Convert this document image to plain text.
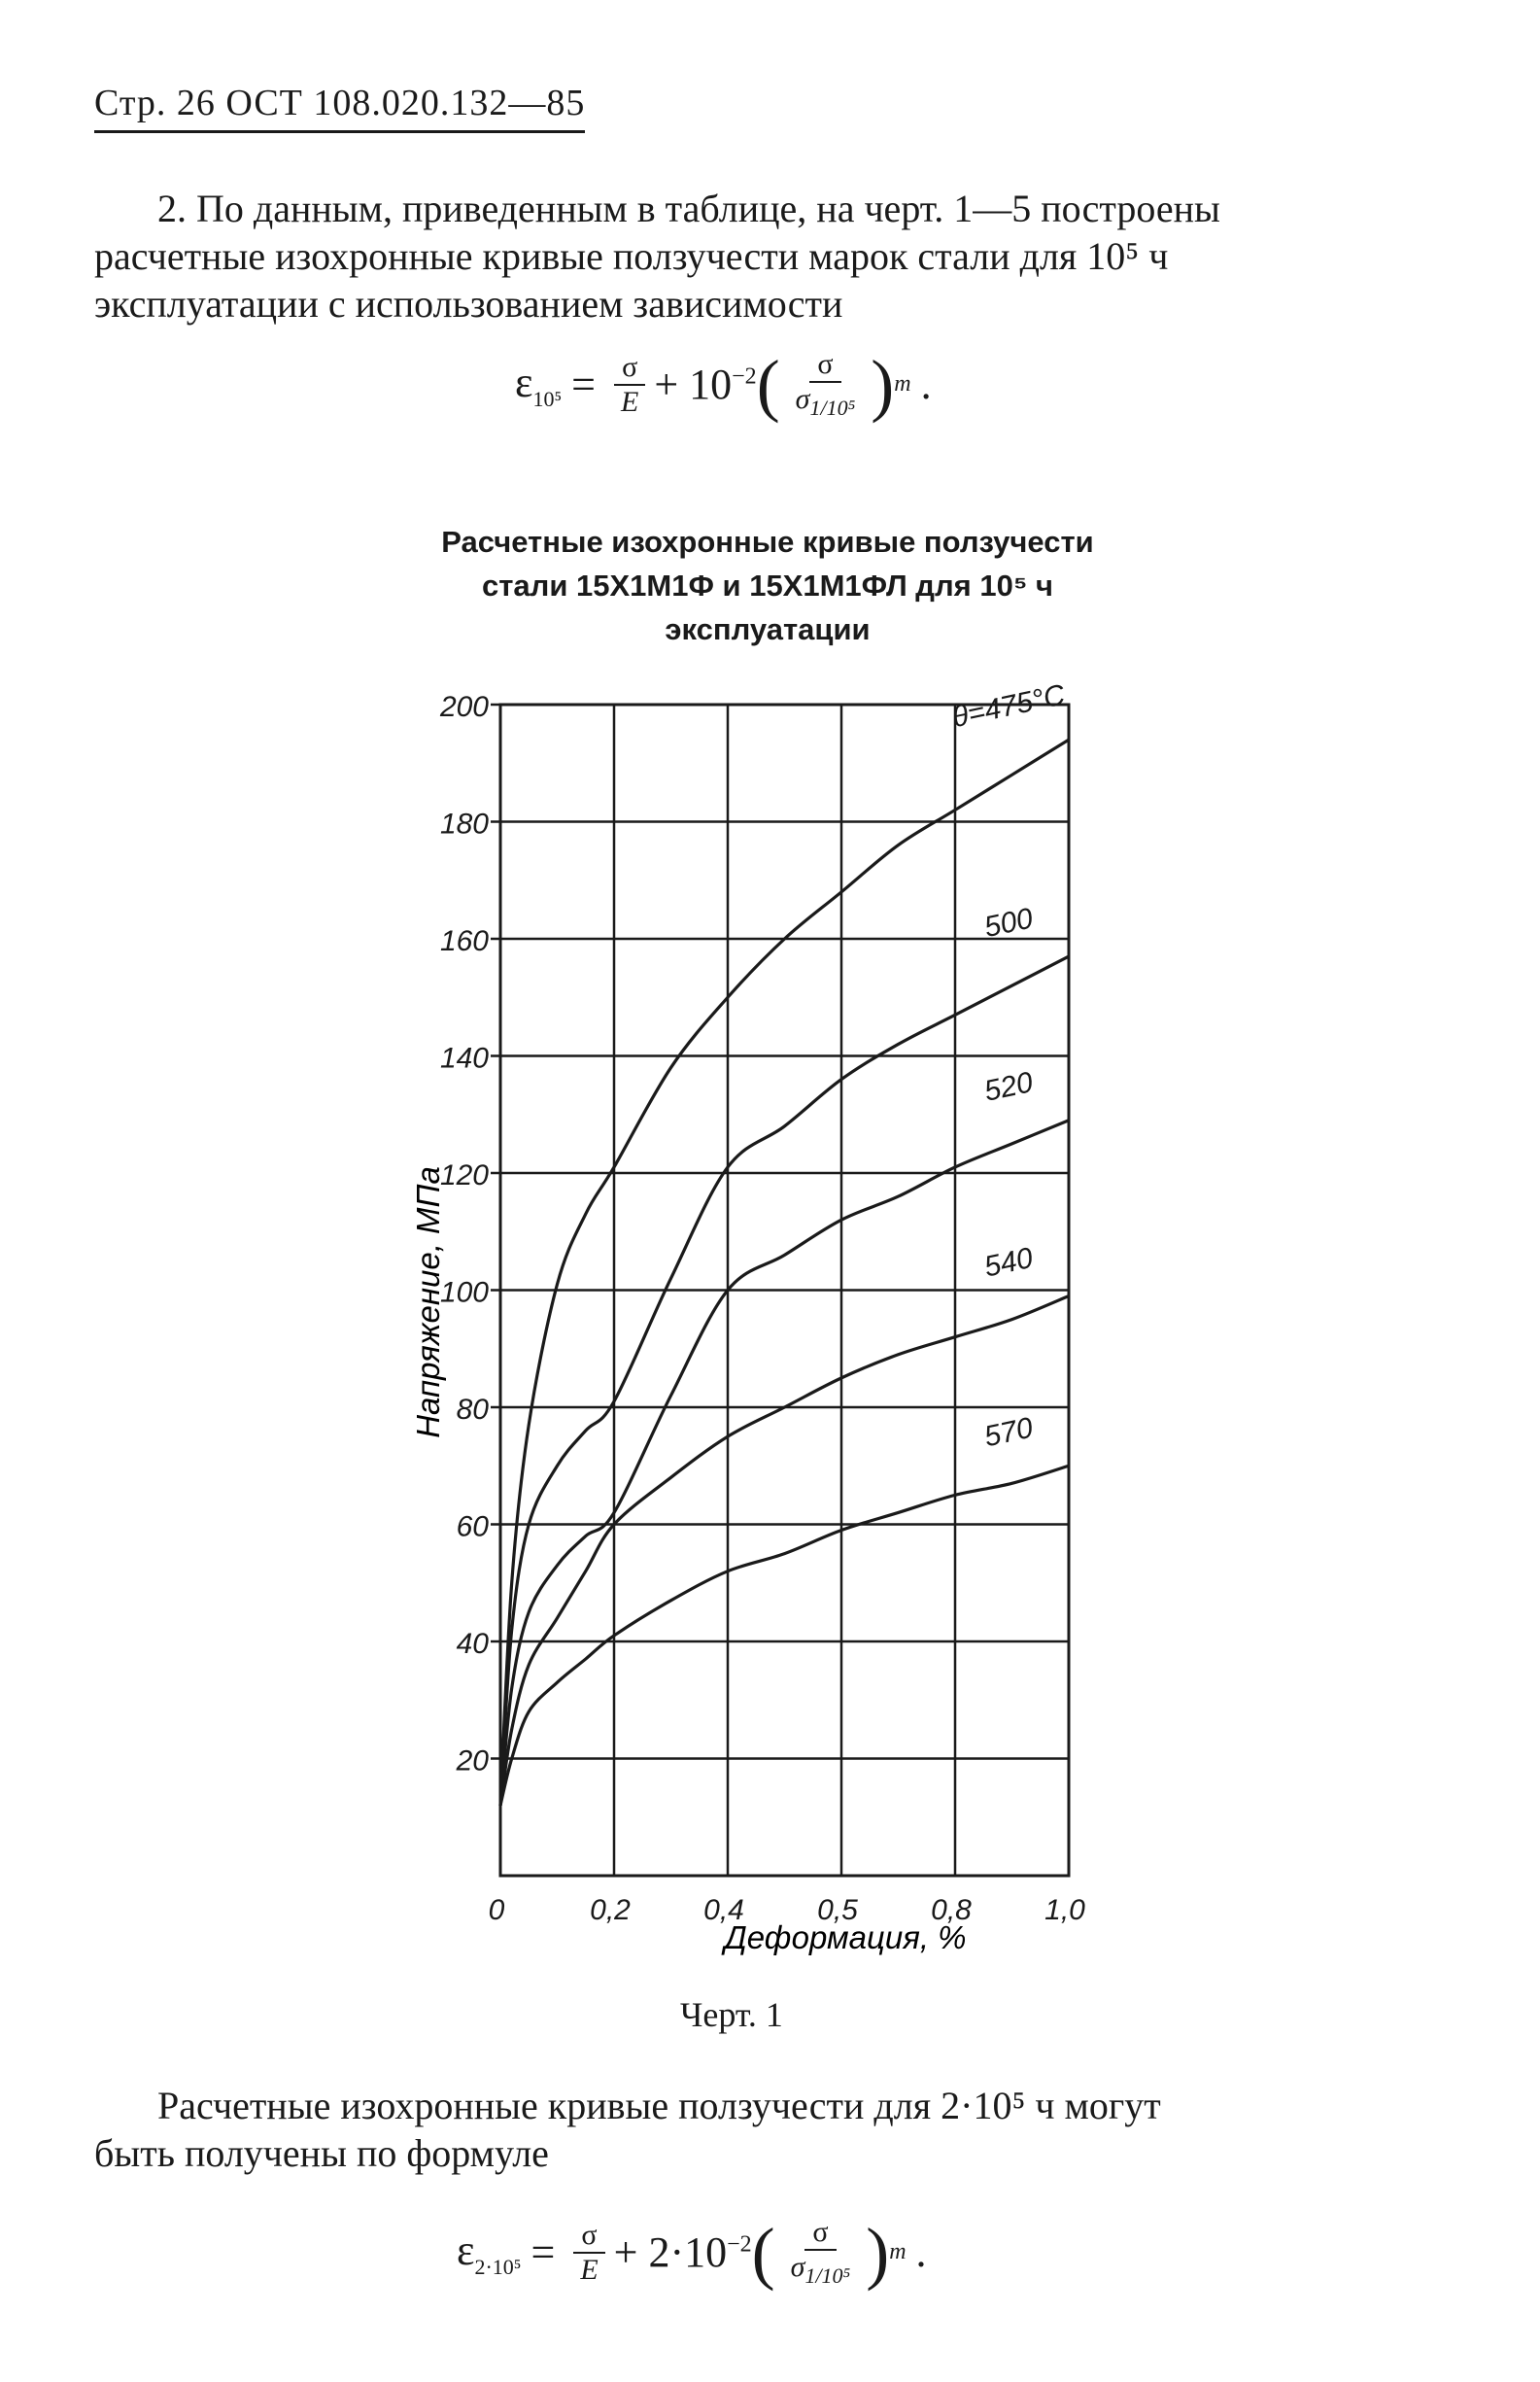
Стр. 26 ОСТ 108.020.132—85
2. По данным, приведенным в таблице, на черт. 1—5 построены
расчетные изохронные кривые ползучести марок стали для 10⁵ ч
эксплуатации с использованием зависимости
$\varepsilon_{10^5} = \frac{\sigma}{E} + 10^{-2}$ ( $\frac{\sigma}{\sigma_{1/10^5}}$ ) m .
Расчетные изохронные кривые ползучести
стали 15Х1М1Ф и 15Х1М1ФЛ для 10⁵ ч
эксплуатации
0	0,2	0,4	0,5	0,8	1,0
20
40
60
80
100
120
140
160
180
200	θ=475°C
500
520
540
570
Напряжение, МПа
Деформация, %
Черт. 1
Расчетные изохронные кривые ползучести для 2·10⁵ ч могут
быть получены по формуле
$\varepsilon_{2\cdot 10^5} = \frac{\sigma}{E} + 2\cdot 10^{-2}$ ( $\frac{\sigma}{\sigma_{1/10^5}}$ ) m .
